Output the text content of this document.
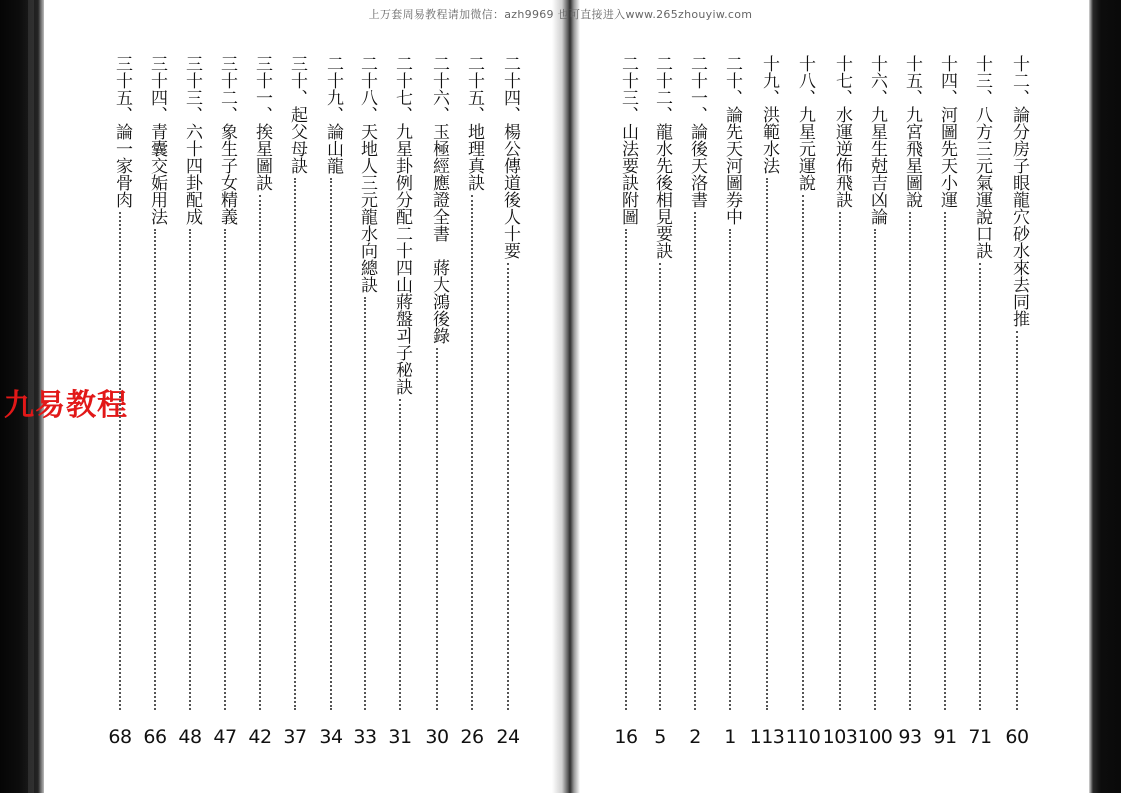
上万套周易教程请加微信：azh9969 也可直接进入www.265zhouyiw.com
九易教程
十二、論分房子眼龍穴砂水來去同推
十三、八方三元氣運說口訣
十四、河圖先天小運
十五、九宮飛星圖說
十六、九星生尅吉凶論
十七、水運逆佈飛訣
十八、九星元運說
十九、洪範水法
二十、論先天河圖券中
二十一、論後天洛書
二十二、龍水先後相見要訣
二十三、山法要訣附圖
二十四、楊公傳道後人十要
二十五、地理真訣
二十六、玉極經應證全書　蔣大鴻後錄
二十七、九星卦例分配二十四山蔣盤괴子秘訣
二十八、天地人三元龍水向總訣
二十九、論山龍
三十、起父母訣
三十一、挨星圖訣
三十二、象生子女精義
三十三、六十四卦配成
三十四、青囊交姤用法
三十五、論一家骨肉
60
71
91
93
100
103
110
113
1
2
5
16
24
26
30
31
33
34
37
42
47
48
66
68
